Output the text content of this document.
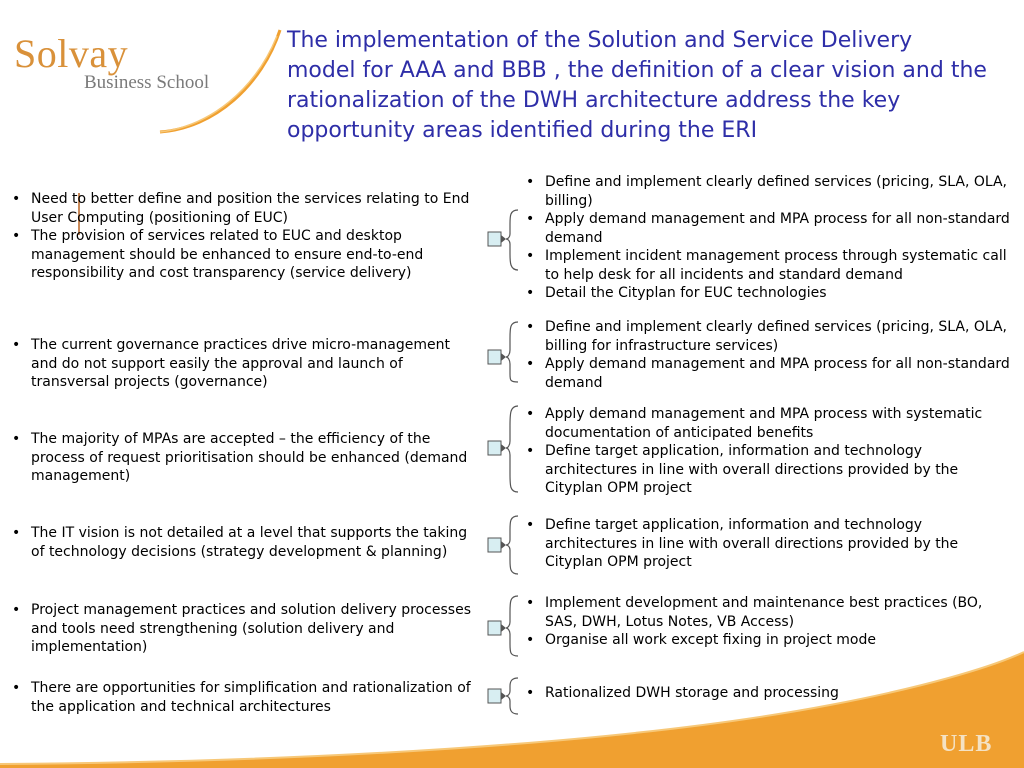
Solvay
Business School
The implementation of the Solution and Service Delivery model for AAA and BBB , the definition of a clear vision and the rationalization of the DWH architecture address the key opportunity areas identified during the ERI
• Need to better define and position the services relating to End User Computing (positioning of EUC)
• The provision of services related to EUC and desktop management should be enhanced to ensure end-to-end responsibility and cost transparency (service delivery)
• Define and implement clearly defined services (pricing, SLA, OLA, billing)
• Apply demand management and MPA process for all non-standard demand
• Implement incident management process through systematic call to help desk for all incidents and standard demand
• Detail the Cityplan for EUC technologies
• The current governance practices drive micro-management and do not support easily the approval and launch of transversal projects (governance)
• Define and implement clearly defined services (pricing, SLA, OLA, billing for infrastructure services)
• Apply demand management and MPA process for all non-standard demand
• The majority of MPAs are accepted – the efficiency of the process of request prioritisation should be enhanced (demand management)
• Apply demand management and MPA process with systematic documentation of anticipated benefits
• Define target application, information and technology architectures in line with overall directions provided by the Cityplan OPM project
• The IT vision is not detailed at a level that supports the taking of technology decisions (strategy development & planning)
• Define target application, information and technology architectures in line with overall directions provided by the Cityplan OPM project
• Project management practices and solution delivery processes and tools need strengthening (solution delivery and implementation)
• Implement development and maintenance best practices (BO, SAS, DWH, Lotus Notes, VB Access)
• Organise all work except fixing in project mode
• There are opportunities for simplification and rationalization of the application and technical architectures
• Rationalized DWH storage and processing
ULB
